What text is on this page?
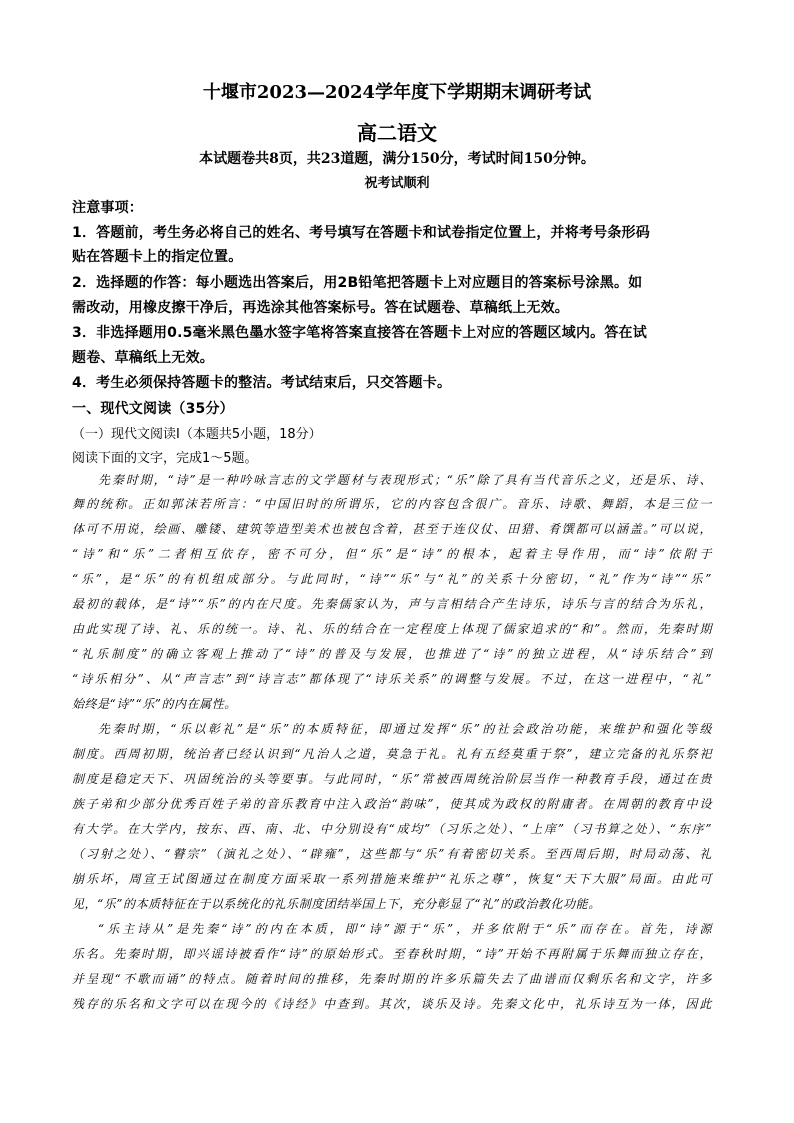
十堰市2023—2024学年度下学期期末调研考试
高二语文
本试题卷共8页，共23道题，满分150分，考试时间150分钟。
祝考试顺利
注意事项：
1．答题前，考生务必将自己的姓名、考号填写在答题卡和试卷指定位置上，并将考号条形码
贴在答题卡上的指定位置。
2．选择题的作答：每小题选出答案后，用2B铅笔把答题卡上对应题目的答案标号涂黑。如
需改动，用橡皮擦干净后，再选涂其他答案标号。答在试题卷、草稿纸上无效。
3．非选择题用0.5毫米黑色墨水签字笔将答案直接答在答题卡上对应的答题区域内。答在试
题卷、草稿纸上无效。
4．考生必须保持答题卡的整洁。考试结束后，只交答题卡。
一、现代文阅读（35分）
（一）现代文阅读Ⅰ（本题共5小题，18分）
阅读下面的文字，完成1～5题。
先秦时期，“诗”是一种吟咏言志的文学题材与表现形式；“乐”除了具有当代音乐之义，还是乐、诗、
舞的统称。正如郭沫若所言：“中国旧时的所谓乐，它的内容包含很广。音乐、诗歌、舞蹈，本是三位一
体可不用说，绘画、雕镂、建筑等造型美术也被包含着，甚至于连仪仗、田猎、肴馔都可以涵盖。”可以说，
“诗”和“乐”二者相互依存，密不可分，但“乐”是“诗”的根本，起着主导作用，而“诗”依附于
“乐”，是“乐”的有机组成部分。与此同时，“诗”“乐”与“礼”的关系十分密切，“礼”作为“诗”“乐”
最初的载体，是“诗”“乐”的内在尺度。先秦儒家认为，声与言相结合产生诗乐，诗乐与言的结合为乐礼，
由此实现了诗、礼、乐的统一。诗、礼、乐的结合在一定程度上体现了儒家追求的“和”。然而，先秦时期
“礼乐制度”的确立客观上推动了“诗”的普及与发展，也推进了“诗”的独立进程，从“诗乐结合”到
“诗乐相分”、从“声言志”到“诗言志”都体现了“诗乐关系”的调整与发展。不过，在这一进程中，“礼”
始终是“诗”“乐”的内在属性。
先秦时期，“乐以彰礼”是“乐”的本质特征，即通过发挥“乐”的社会政治功能，来维护和强化等级
制度。西周初期，统治者已经认识到“凡治人之道，莫急于礼。礼有五经莫重于祭”，建立完备的礼乐祭祀
制度是稳定天下、巩固统治的头等要事。与此同时，“乐”常被西周统治阶层当作一种教育手段，通过在贵
族子弟和少部分优秀百姓子弟的音乐教育中注入政治“韵味”，使其成为政权的附庸者。在周朝的教育中设
有大学。在大学内，按东、西、南、北、中分别设有“成均”（习乐之处）、“上庠”（习书算之处）、“东序”
（习射之处）、“瞽宗”（演礼之处）、“辟雍”，这些都与“乐”有着密切关系。至西周后期，时局动荡、礼
崩乐坏，周宣王试图通过在制度方面采取一系列措施来维护“礼乐之尊”，恢复“天下大服”局面。由此可
见，“乐”的本质特征在于以系统化的礼乐制度团结举国上下，充分彰显了“礼”的政治教化功能。
“乐主诗从”是先秦“诗”的内在本质，即“诗”源于“乐”，并多依附于“乐”而存在。首先，诗源
乐名。先秦时期，即兴谣诗被看作“诗”的原始形式。至春秋时期，“诗”开始不再附属于乐舞而独立存在，
并呈现“不歌而诵”的特点。随着时间的推移，先秦时期的许多乐篇失去了曲谱而仅剩乐名和文字，许多
残存的乐名和文字可以在现今的《诗经》中查到。其次，谈乐及诗。先秦文化中，礼乐诗互为一体，因此
